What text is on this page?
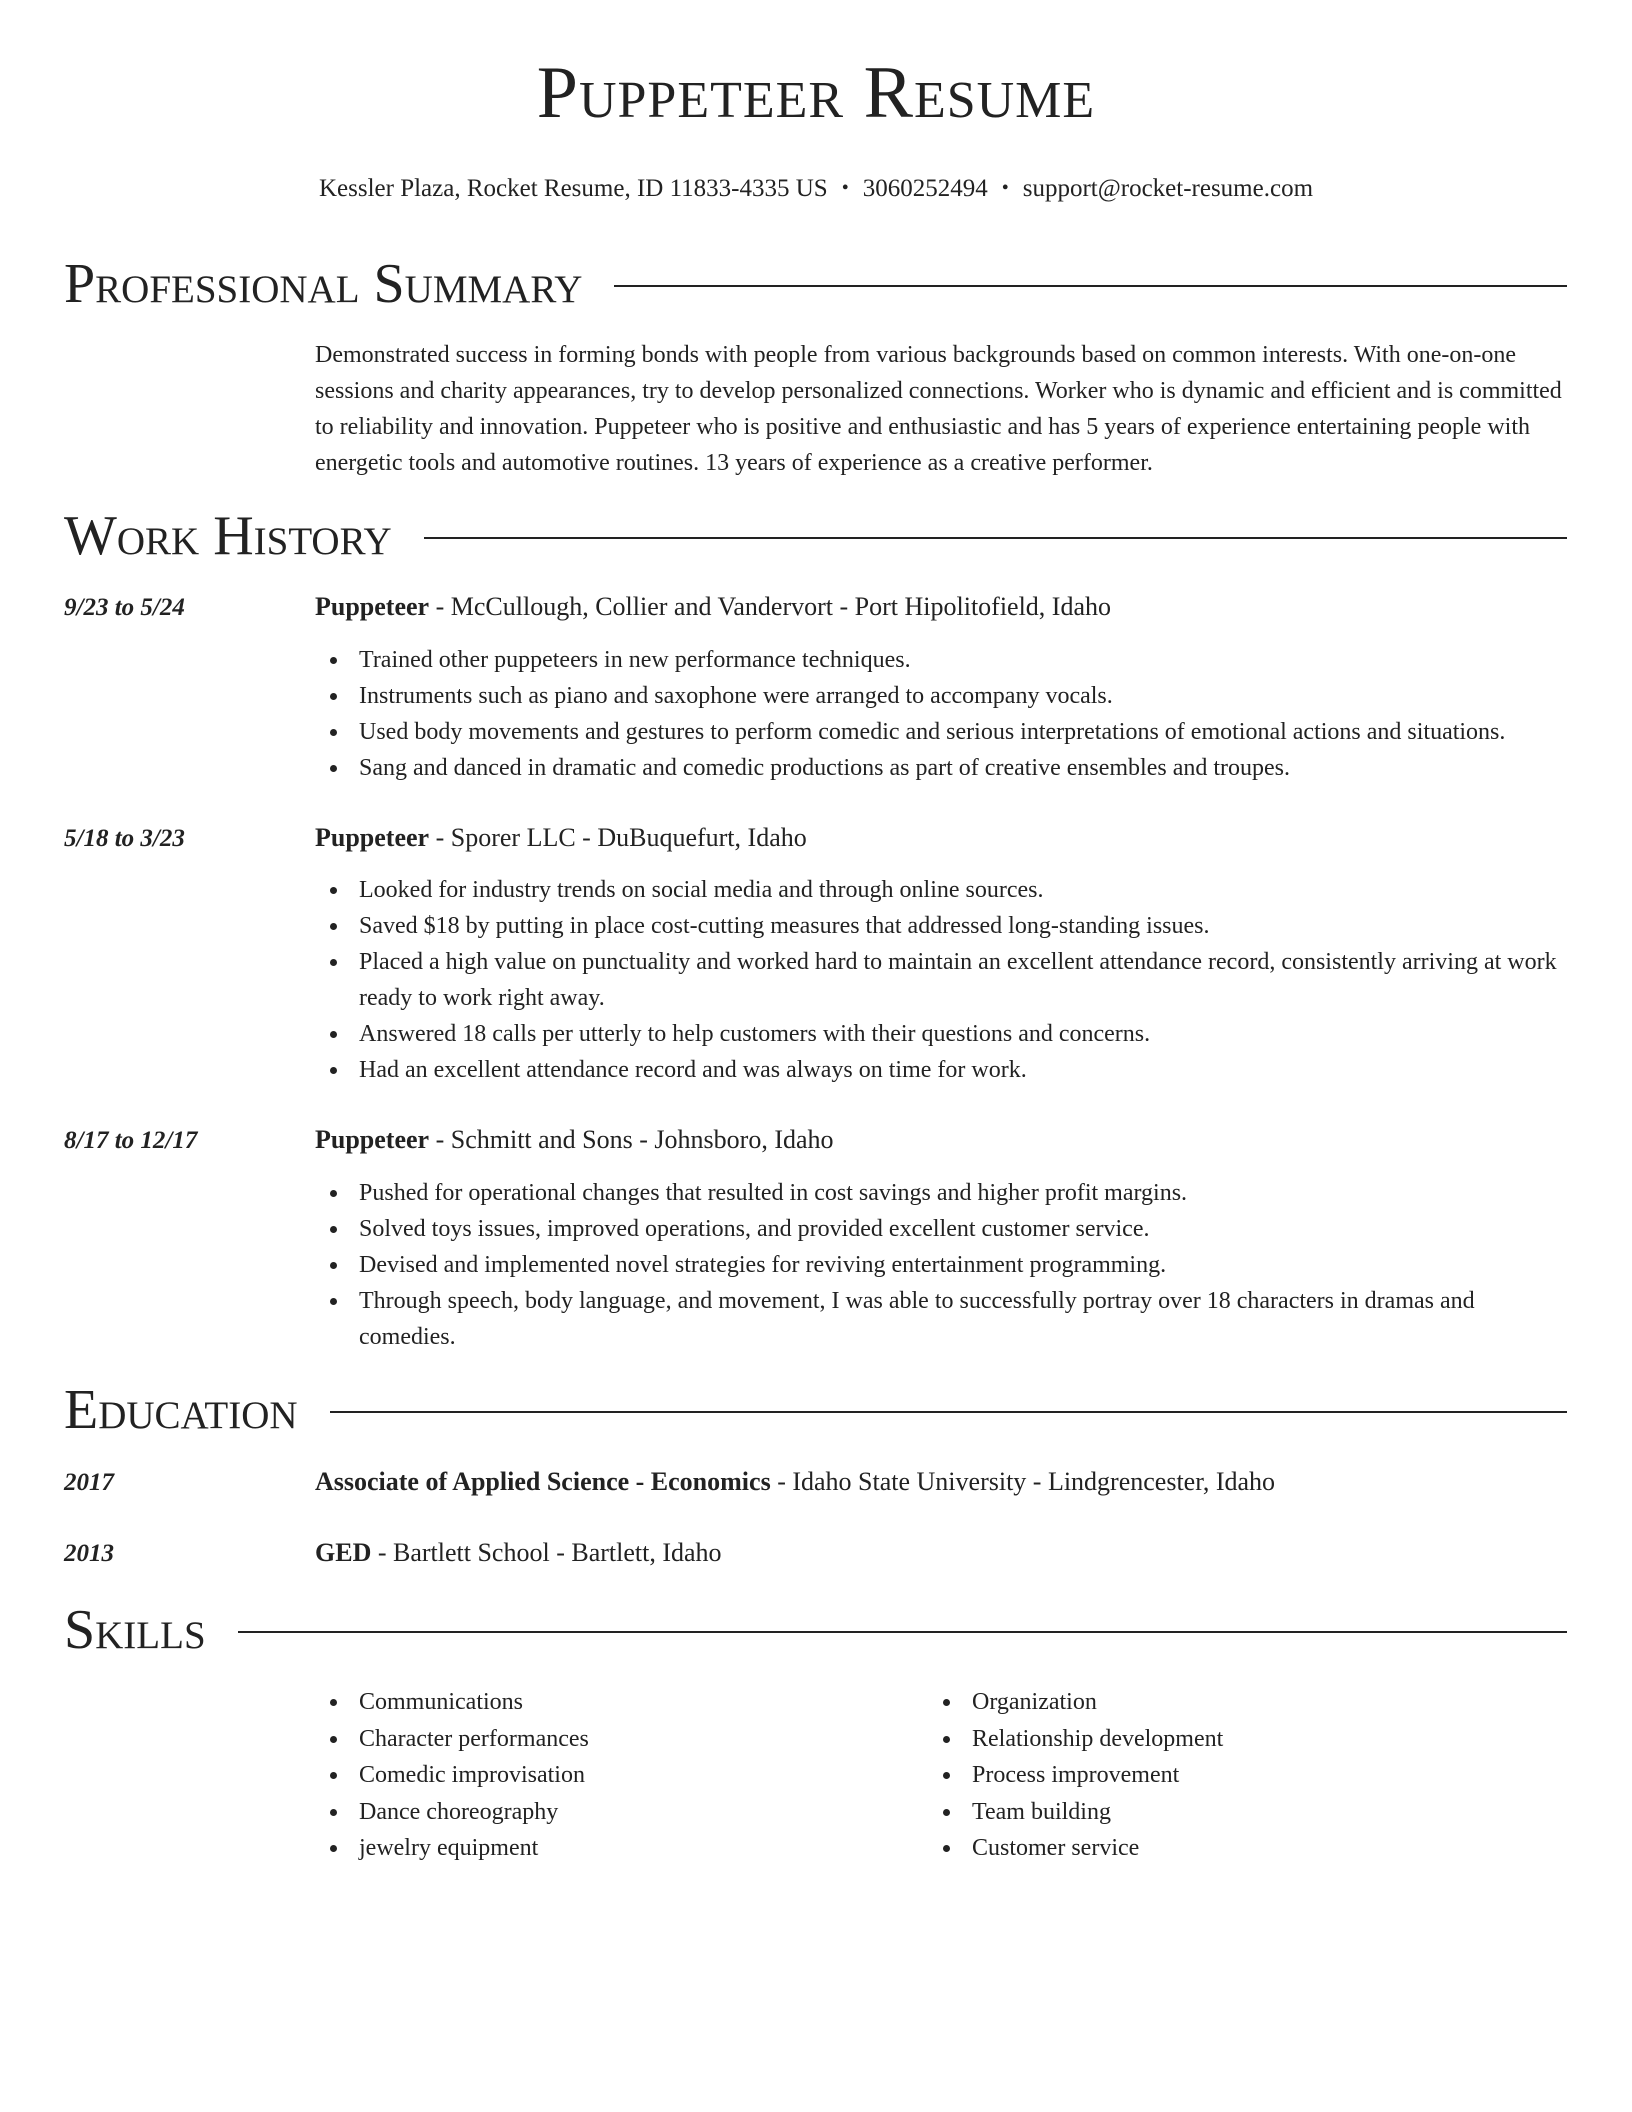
Puppeteer Resume
Kessler Plaza, Rocket Resume, ID 11833-4335 US • 3060252494 • support@rocket-resume.com
Professional Summary

Demonstrated success in forming bonds with people from various backgrounds based on common interests. With one-on-one sessions and charity appearances, try to develop personalized connections. Worker who is dynamic and efficient and is committed to reliability and innovation. Puppeteer who is positive and enthusiastic and has 5 years of experience entertaining people with energetic tools and automotive routines. 13 years of experience as a creative performer.

Work History
9/23 to 5/24	Puppeteer - McCullough, Collier and Vandervort - Port Hipolitofield, Idaho
Trained other puppeteers in new performance techniques.
Instruments such as piano and saxophone were arranged to accompany vocals.
Used body movements and gestures to perform comedic and serious interpretations of emotional actions and situations.
Sang and danced in dramatic and comedic productions as part of creative ensembles and troupes.
5/18 to 3/23	Puppeteer - Sporer LLC - DuBuquefurt, Idaho
Looked for industry trends on social media and through online sources.
Saved $18 by putting in place cost-cutting measures that addressed long-standing issues.
Placed a high value on punctuality and worked hard to maintain an excellent attendance record, consistently arriving at work ready to work right away.
Answered 18 calls per utterly to help customers with their questions and concerns.
Had an excellent attendance record and was always on time for work.
8/17 to 12/17	Puppeteer - Schmitt and Sons - Johnsboro, Idaho
Pushed for operational changes that resulted in cost savings and higher profit margins.
Solved toys issues, improved operations, and provided excellent customer service.
Devised and implemented novel strategies for reviving entertainment programming.
Through speech, body language, and movement, I was able to successfully portray over 18 characters in dramas and comedies.
Education
2017	Associate of Applied Science - Economics - Idaho State University - Lindgrencester, Idaho
2013	GED - Bartlett School - Bartlett, Idaho
Skills
Communications
Character performances
Comedic improvisation
Dance choreography
jewelry equipment
Organization
Relationship development
Process improvement
Team building
Customer service
